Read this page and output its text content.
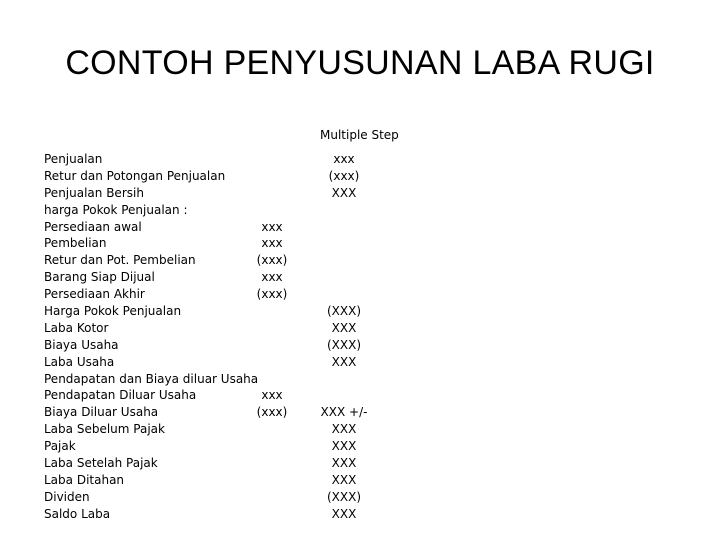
CONTOH PENYUSUNAN LABA RUGI
Multiple Step
Penjualan	xxx
Retur dan Potongan Penjualan	(xxx)
Penjualan Bersih	XXX
harga Pokok Penjualan :
Persediaan awal	xxx
Pembelian	xxx
Retur dan Pot. Pembelian	(xxx)
Barang Siap Dijual	xxx
Persediaan Akhir	(xxx)
Harga Pokok Penjualan	(XXX)
Laba Kotor	XXX
Biaya Usaha	(XXX)
Laba Usaha	XXX
Pendapatan dan Biaya diluar Usaha
Pendapatan Diluar Usaha	xxx
Biaya Diluar Usaha	(xxx)	XXX +/-
Laba Sebelum Pajak	XXX
Pajak	XXX
Laba Setelah Pajak	XXX
Laba Ditahan	XXX
Dividen	(XXX)
Saldo Laba	XXX
